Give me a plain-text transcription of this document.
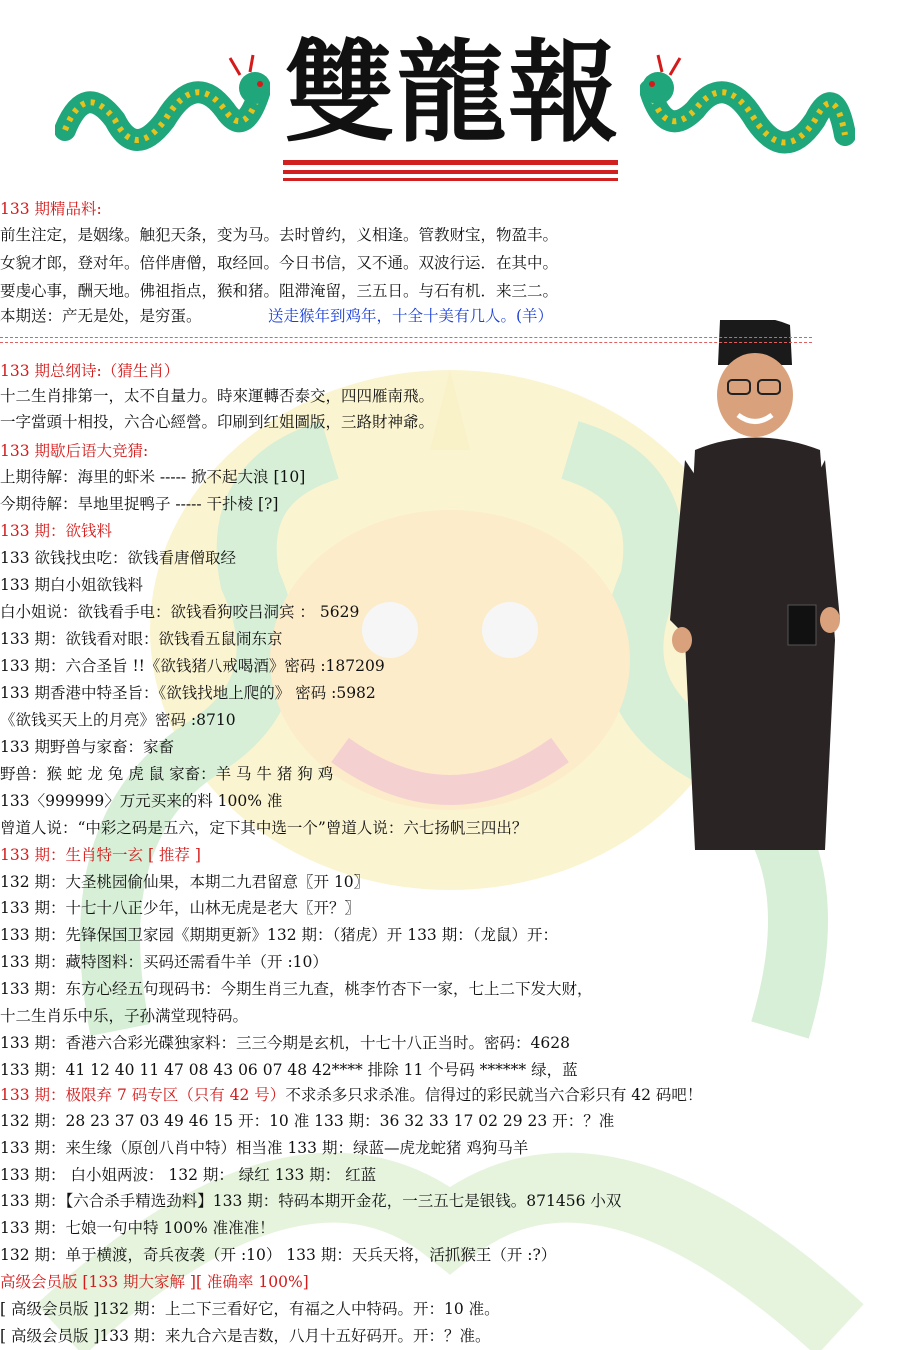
雙龍報
133 期精品料:
前生注定，是姻缘。触犯天条，变为马。去时曾约，义相逢。管教财宝，物盈丰。
女貌才郎，登对年。倍伴唐僧，取经回。今日书信，又不通。双波行运．在其中。
要虔心事，酬天地。佛祖指点，猴和猪。阻滞淹留，三五日。与石有机．来三二。
本期送：产无是处，是穷蛋。
133 期总纲诗:（猜生肖）
十二生肖排第一，太不自量力。時來運轉否泰交，四四雁南飛。
一字當頭十相投，六合心經營。印刷到红姐圖版，三路財神爺。
133 期歇后语大竞猜:
上期待解：海里的虾米 ----- 掀不起大浪 [10]
今期待解：旱地里捉鸭子 ----- 干扑棱 [?]
133 期：欲钱料
133 欲钱找虫吃：欲钱看唐僧取经
133 期白小姐欲钱料
白小姐说：欲钱看手电：欲钱看狗咬吕洞宾 ： 5629
133 期：欲钱看对眼：欲钱看五鼠闹东京
133 期：六合圣旨 !!《欲钱猪八戒喝酒》密码 :187209
133 期香港中特圣旨：《欲钱找地上爬的》 密码 :5982
《欲钱买天上的月亮》密码 :8710
133 期野兽与家畜：家畜
野兽：猴 蛇 龙 兔 虎 鼠 家畜：羊 马 牛 猪 狗 鸡
133〈999999〉万元买来的料 100% 准
曾道人说：“中彩之码是五六，定下其中选一个”曾道人说：六七扬帆三四出？
133 期：生肖特一玄 [ 推荐 ]
132 期：大圣桃园偷仙果，本期二九君留意〖开 10〗
133 期：十七十八正少年，山林无虎是老大〖开？〗
133 期：先锋保国卫家园《期期更新》132 期：（猪虎）开 133 期：（龙鼠）开：
133 期：藏特图料：买码还需看牛羊（开 :10）
133 期：东方心经五句现码书：今期生肖三九查，桃李竹杏下一家，七上二下发大财，
十二生肖乐中乐，子孙满堂现特码。
133 期：香港六合彩光碟独家料：三三今期是玄机，十七十八正当时。密码：4628
133 期：41 12 40 11 47 08 43 06 07 48 42**** 排除 11 个号码 ****** 绿，蓝
132 期：28 23 37 03 49 46 15 开：10 准 133 期：36 32 33 17 02 29 23 开：？准
133 期：来生缘（原创八肖中特）相当准 133 期：绿蓝—虎龙蛇猪 鸡狗马羊
133 期： 白小姐两波： 132 期： 绿红 133 期： 红蓝
133 期：【六合杀手精选劲料】133 期：特码本期开金花，一三五七是银钱。871456 小双
133 期：七娘一句中特 100% 准准准！
132 期：单于横渡，奇兵夜袭（开 :10） 133 期：天兵天将，活抓猴王（开 :?）
高级会员版 [133 期大家解 ][ 准确率 100%]
[ 高级会员版 ]132 期：上二下三看好它，有福之人中特码。开：10 准。
[ 高级会员版 ]133 期：来九合六是吉数，八月十五好码开。开：？准。
送走猴年到鸡年，十全十美有几人。(羊）
133 期：极限弃 7 码专区（只有 42 号）不求杀多只求杀准。信得过的彩民就当六合彩只有 42 码吧！
